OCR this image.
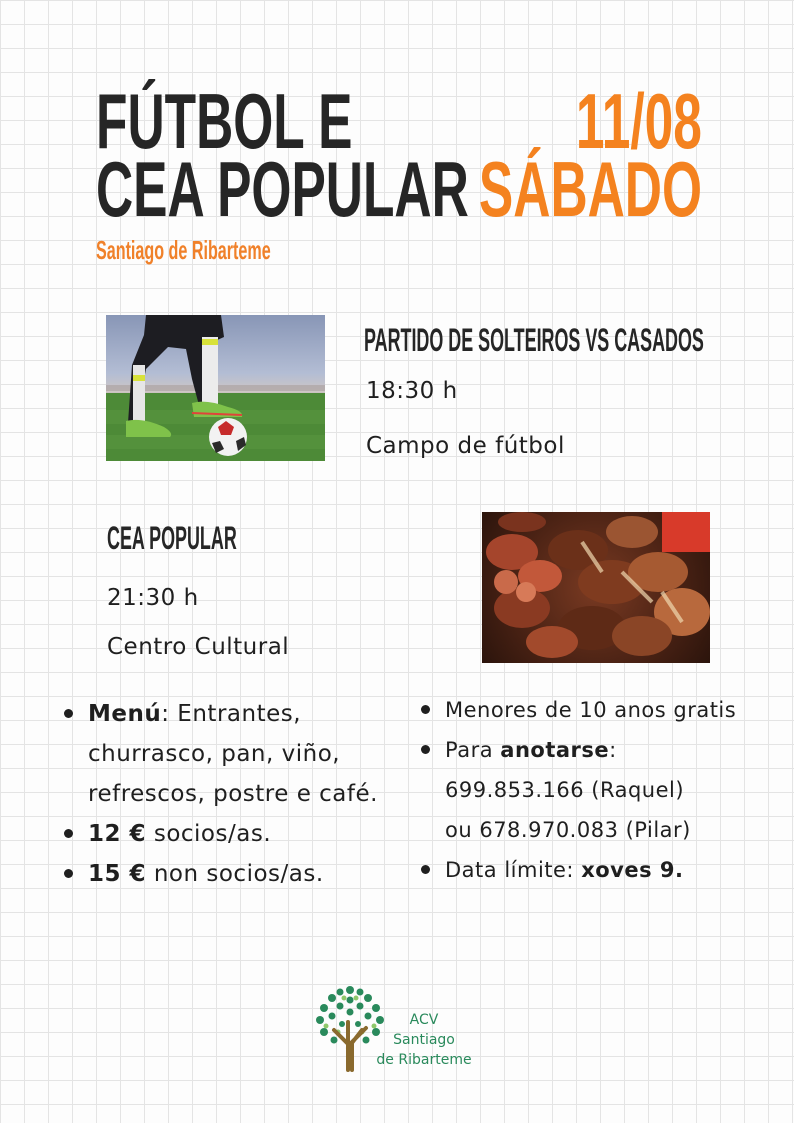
FÚTBOL E
CEA POPULAR
Santiago de Ribarteme
11/08
SÁBADO
PARTIDO DE SOLTEIROS VS CASADOS
18:30 h
Campo de fútbol
CEA POPULAR
21:30 h
Centro Cultural
Menú: Entrantes, churrasco, pan, viño, refrescos, postre e café.
12 € socios/as.
15 € non socios/as.
Menores de 10 anos gratis
Para anotarse:
699.853.166 (Raquel)
ou 678.970.083 (Pilar)
Data límite: xoves 9.
ACV
Santiago
de Ribarteme
